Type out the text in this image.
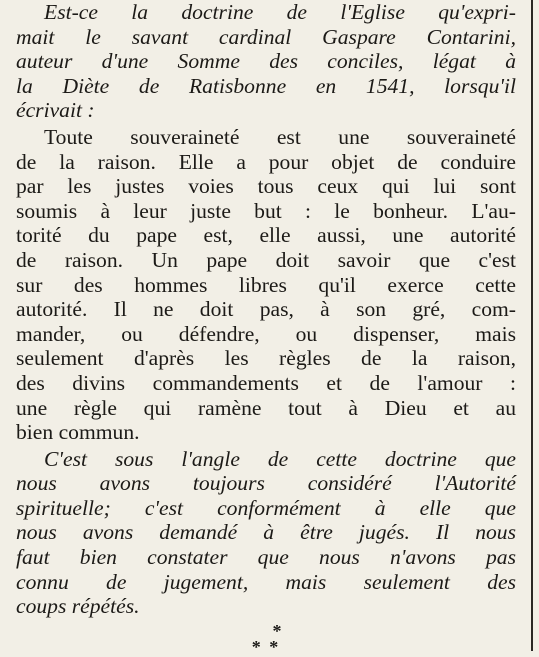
Est-ce la doctrine de l'Eglise qu'expri-
mait le savant cardinal Gaspare Contarini,
auteur d'une Somme des conciles, légat à
la Diète de Ratisbonne en 1541, lorsqu'il
écrivait :

Toute souveraineté est une souveraineté
de la raison. Elle a pour objet de conduire
par les justes voies tous ceux qui lui sont
soumis à leur juste but : le bonheur. L'au-
torité du pape est, elle aussi, une autorité
de raison. Un pape doit savoir que c'est
sur des hommes libres qu'il exerce cette
autorité. Il ne doit pas, à son gré, com-
mander, ou défendre, ou dispenser, mais
seulement d'après les règles de la raison,
des divins commandements et de l'amour :
une règle qui ramène tout à Dieu et au
bien commun.

C'est sous l'angle de cette doctrine que
nous avons toujours considéré l'Autorité
spirituelle; c'est conformément à elle que
nous avons demandé à être jugés. Il nous
faut bien constater que nous n'avons pas
connu de jugement, mais seulement des
coups répétés.

*
* *
